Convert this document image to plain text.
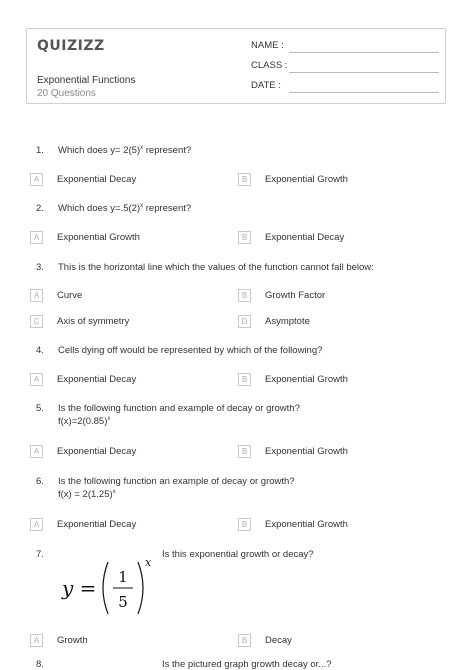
QUIZIZZ
Exponential Functions
20 Questions
NAME :
CLASS :
DATE :
1. Which does $y= 2(5)^x$ represent?
A	Exponential Decay	B	Exponential Growth
2. Which does $y=.5(2)^x$ represent?
A	Exponential Growth	B	Exponential Decay
3. This is the horizontal line which the values of the function cannot fall below:
A	Curve	B	Growth Factor
C	Axis of symmetry	D	Asymptote
4. Cells dying off would be represented by which of the following?
A	Exponential Decay	B	Exponential Growth
5. Is the following function and example of decay or growth?
$f(x)=2(0.85)^x$
A	Exponential Decay	B	Exponential Growth
6. Is the following function an example of decay or growth?
$f(x) = 2(1.25)^x$
A	Exponential Decay	B	Exponential Growth
7.	Is this exponential growth or decay?
y = 1
5
x
A	Growth	B	Decay
8.	Is the pictured graph growth decay or...?
